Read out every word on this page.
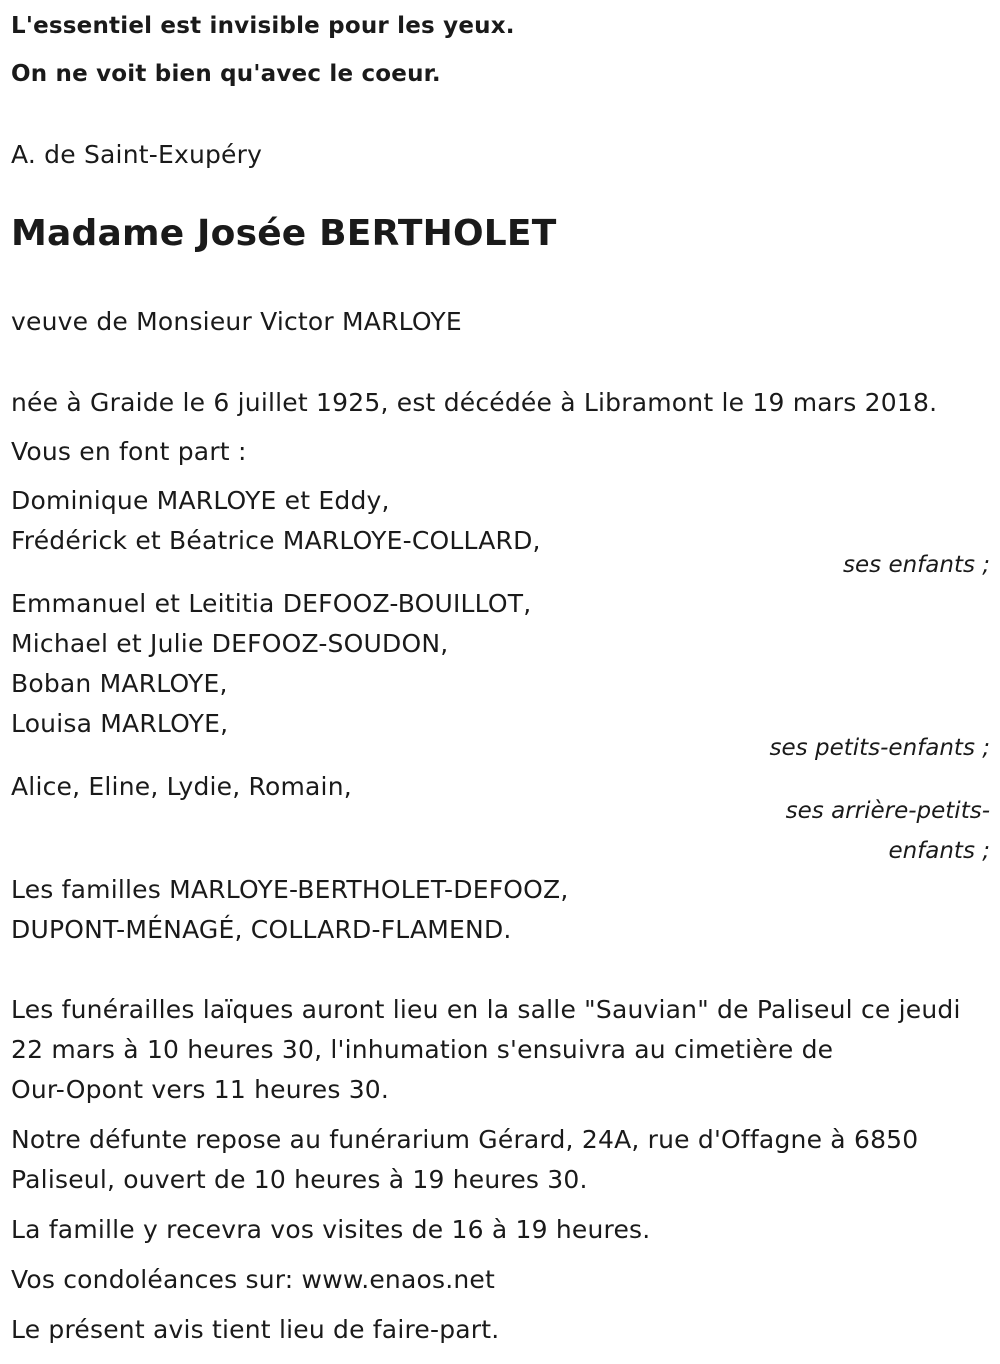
L'essentiel est invisible pour les yeux.
On ne voit bien qu'avec le coeur.
A. de Saint-Exupéry
Madame Josée BERTHOLET
veuve de Monsieur Victor MARLOYE
née à Graide le 6 juillet 1925, est décédée à Libramont le 19 mars 2018.
Vous en font part :
Dominique MARLOYE et Eddy,
Frédérick et Béatrice MARLOYE-COLLARD,
ses enfants ;
Emmanuel et Leititia DEFOOZ-BOUILLOT,
Michael et Julie DEFOOZ-SOUDON,
Boban MARLOYE,
Louisa MARLOYE,
ses petits-enfants ;
Alice, Eline, Lydie, Romain,
ses arrière-petits-
enfants ;
Les familles MARLOYE-BERTHOLET-DEFOOZ,
DUPONT-MÉNAGÉ, COLLARD-FLAMEND.
Les funérailles laïques auront lieu en la salle "Sauvian" de Paliseul ce jeudi
22 mars à 10 heures 30, l'inhumation s'ensuivra au cimetière de
Our-Opont vers 11 heures 30.
Notre défunte repose au funérarium Gérard, 24A, rue d'Offagne à 6850
Paliseul, ouvert de 10 heures à 19 heures 30.
La famille y recevra vos visites de 16 à 19 heures.
Vos condoléances sur: www.enaos.net
Le présent avis tient lieu de faire-part.
